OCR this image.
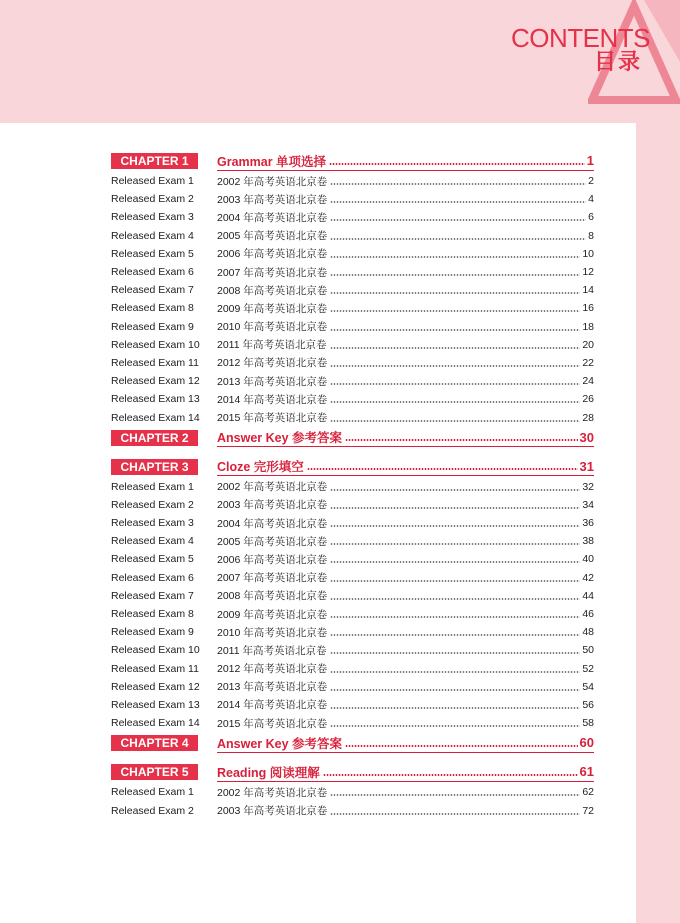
CONTENTS
目录
CHAPTER 1	Grammar 单项选择	1
Released Exam 1	2002 年高考英语北京卷	2
Released Exam 2	2003 年高考英语北京卷	4
Released Exam 3	2004 年高考英语北京卷	6
Released Exam 4	2005 年高考英语北京卷	8
Released Exam 5	2006 年高考英语北京卷	10
Released Exam 6	2007 年高考英语北京卷	12
Released Exam 7	2008 年高考英语北京卷	14
Released Exam 8	2009 年高考英语北京卷	16
Released Exam 9	2010 年高考英语北京卷	18
Released Exam 10	2011 年高考英语北京卷	20
Released Exam 11	2012 年高考英语北京卷	22
Released Exam 12	2013 年高考英语北京卷	24
Released Exam 13	2014 年高考英语北京卷	26
Released Exam 14	2015 年高考英语北京卷	28
CHAPTER 2	Answer Key 参考答案	30
CHAPTER 3	Cloze 完形填空	31
Released Exam 1	2002 年高考英语北京卷	32
Released Exam 2	2003 年高考英语北京卷	34
Released Exam 3	2004 年高考英语北京卷	36
Released Exam 4	2005 年高考英语北京卷	38
Released Exam 5	2006 年高考英语北京卷	40
Released Exam 6	2007 年高考英语北京卷	42
Released Exam 7	2008 年高考英语北京卷	44
Released Exam 8	2009 年高考英语北京卷	46
Released Exam 9	2010 年高考英语北京卷	48
Released Exam 10	2011 年高考英语北京卷	50
Released Exam 11	2012 年高考英语北京卷	52
Released Exam 12	2013 年高考英语北京卷	54
Released Exam 13	2014 年高考英语北京卷	56
Released Exam 14	2015 年高考英语北京卷	58
CHAPTER 4	Answer Key 参考答案	60
CHAPTER 5	Reading 阅读理解	61
Released Exam 1	2002 年高考英语北京卷	62
Released Exam 2	2003 年高考英语北京卷	72
